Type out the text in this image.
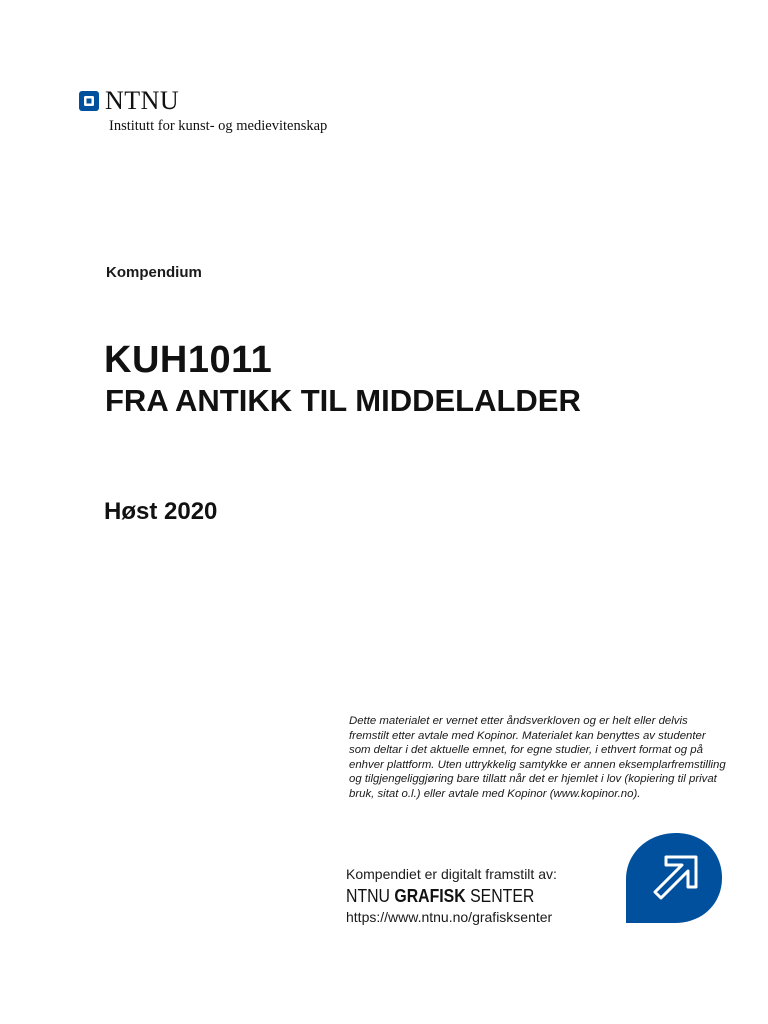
NTNU
Institutt for kunst- og medievitenskap
Kompendium
KUH1011
FRA ANTIKK TIL MIDDELALDER
Høst 2020
Dette materialet er vernet etter åndsverkloven og er helt eller delvis fremstilt etter avtale med Kopinor. Materialet kan benyttes av studenter som deltar i det aktuelle emnet, for egne studier, i ethvert format og på enhver plattform. Uten uttrykkelig samtykke er annen eksemplarfremstilling og tilgjengeliggjøring bare tillatt når det er hjemlet i lov (kopiering til privat bruk, sitat o.l.) eller avtale med Kopinor (www.kopinor.no).
Kompendiet er digitalt framstilt av:
NTNU GRAFISK SENTER
https://www.ntnu.no/grafisksenter
